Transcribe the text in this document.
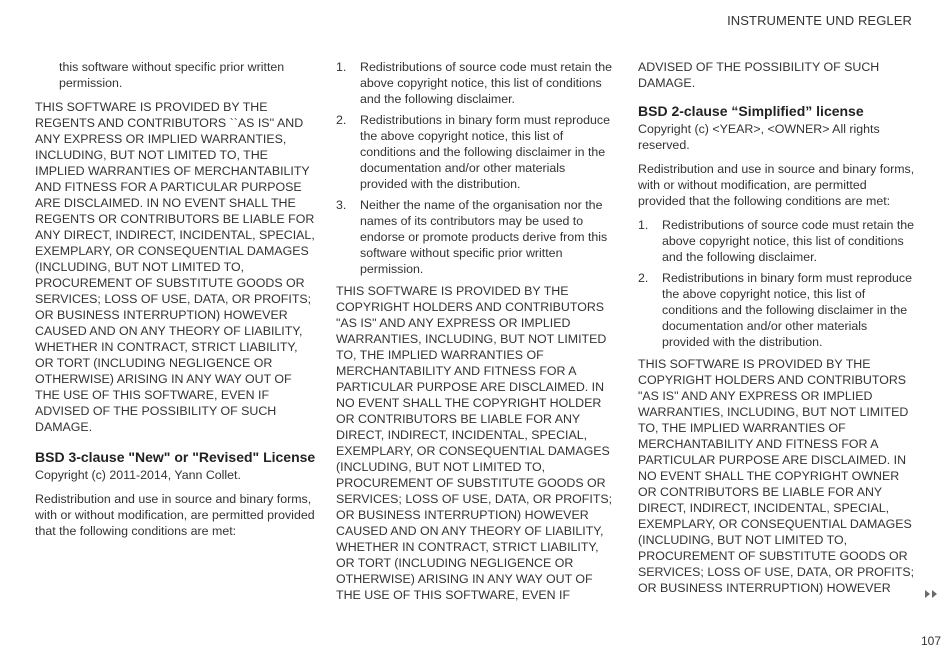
INSTRUMENTE UND REGLER

this software without specific prior written permission.

THIS SOFTWARE IS PROVIDED BY THE REGENTS AND CONTRIBUTORS ``AS IS'' AND ANY EXPRESS OR IMPLIED WARRANTIES, INCLUDING, BUT NOT LIMITED TO, THE IMPLIED WARRANTIES OF MERCHANTABILITY AND FITNESS FOR A PARTICULAR PURPOSE ARE DISCLAIMED. IN NO EVENT SHALL THE REGENTS OR CONTRIBUTORS BE LIABLE FOR ANY DIRECT, INDIRECT, INCIDENTAL, SPECIAL, EXEMPLARY, OR CONSEQUENTIAL DAMAGES (INCLUDING, BUT NOT LIMITED TO, PROCUREMENT OF SUBSTITUTE GOODS OR SERVICES; LOSS OF USE, DATA, OR PROFITS; OR BUSINESS INTERRUPTION) HOWEVER CAUSED AND ON ANY THEORY OF LIABILITY, WHETHER IN CONTRACT, STRICT LIABILITY, OR TORT (INCLUDING NEGLIGENCE OR OTHERWISE) ARISING IN ANY WAY OUT OF THE USE OF THIS SOFTWARE, EVEN IF ADVISED OF THE POSSIBILITY OF SUCH DAMAGE.

BSD 3-clause "New" or "Revised" License

Copyright (c) 2011-2014, Yann Collet.

Redistribution and use in source and binary forms, with or without modification, are permitted provided that the following conditions are met:

1. Redistributions of source code must retain the above copyright notice, this list of conditions and the following disclaimer.
2. Redistributions in binary form must reproduce the above copyright notice, this list of conditions and the following disclaimer in the documentation and/or other materials provided with the distribution.
3. Neither the name of the organisation nor the names of its contributors may be used to endorse or promote products derive from this software without specific prior written permission.

THIS SOFTWARE IS PROVIDED BY THE COPYRIGHT HOLDERS AND CONTRIBUTORS "AS IS" AND ANY EXPRESS OR IMPLIED WARRANTIES, INCLUDING, BUT NOT LIMITED TO, THE IMPLIED WARRANTIES OF MERCHANTABILITY AND FITNESS FOR A PARTICULAR PURPOSE ARE DISCLAIMED. IN NO EVENT SHALL THE COPYRIGHT HOLDER OR CONTRIBUTORS BE LIABLE FOR ANY DIRECT, INDIRECT, INCIDENTAL, SPECIAL, EXEMPLARY, OR CONSEQUENTIAL DAMAGES (INCLUDING, BUT NOT LIMITED TO, PROCUREMENT OF SUBSTITUTE GOODS OR SERVICES; LOSS OF USE, DATA, OR PROFITS; OR BUSINESS INTERRUPTION) HOWEVER CAUSED AND ON ANY THEORY OF LIABILITY, WHETHER IN CONTRACT, STRICT LIABILITY, OR TORT (INCLUDING NEGLIGENCE OR OTHERWISE) ARISING IN ANY WAY OUT OF THE USE OF THIS SOFTWARE, EVEN IF

ADVISED OF THE POSSIBILITY OF SUCH DAMAGE.

BSD 2-clause “Simplified” license

Copyright (c) <YEAR>, <OWNER> All rights reserved.

Redistribution and use in source and binary forms, with or without modification, are permitted provided that the following conditions are met:

1. Redistributions of source code must retain the above copyright notice, this list of conditions and the following disclaimer.
2. Redistributions in binary form must reproduce the above copyright notice, this list of conditions and the following disclaimer in the documentation and/or other materials provided with the distribution.

THIS SOFTWARE IS PROVIDED BY THE COPYRIGHT HOLDERS AND CONTRIBUTORS "AS IS" AND ANY EXPRESS OR IMPLIED WARRANTIES, INCLUDING, BUT NOT LIMITED TO, THE IMPLIED WARRANTIES OF MERCHANTABILITY AND FITNESS FOR A PARTICULAR PURPOSE ARE DISCLAIMED. IN NO EVENT SHALL THE COPYRIGHT OWNER OR CONTRIBUTORS BE LIABLE FOR ANY DIRECT, INDIRECT, INCIDENTAL, SPECIAL, EXEMPLARY, OR CONSEQUENTIAL DAMAGES (INCLUDING, BUT NOT LIMITED TO, PROCUREMENT OF SUBSTITUTE GOODS OR SERVICES; LOSS OF USE, DATA, OR PROFITS; OR BUSINESS INTERRUPTION) HOWEVER

107
